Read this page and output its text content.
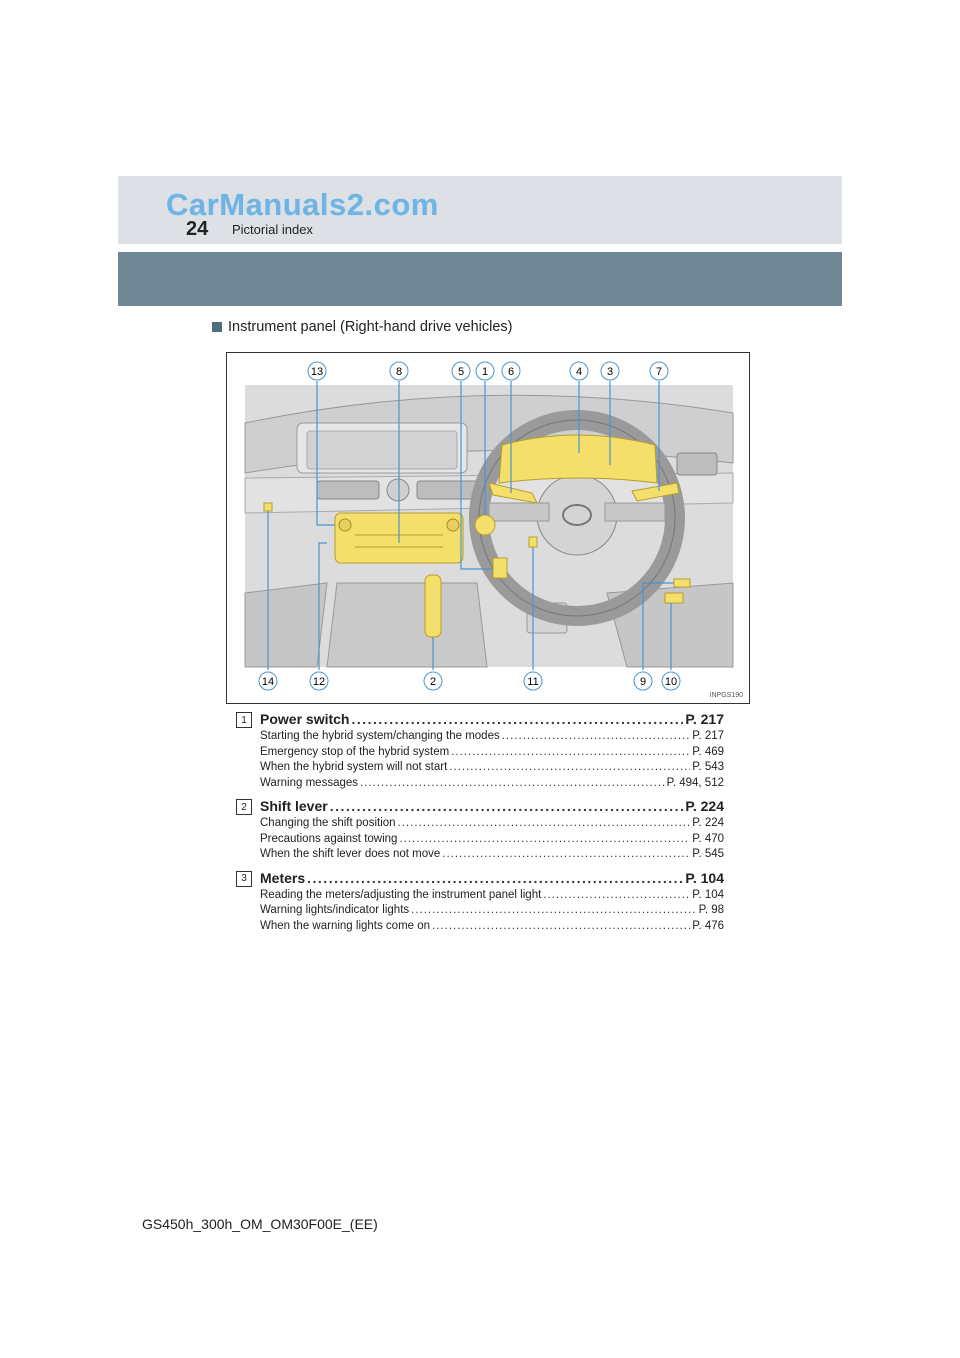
CarManuals2.com
24 Pictorial index
Instrument panel (Right-hand drive vehicles)
13	8	5 1 6	4 3	7
14	12	2	11	9 10
INPGS190
1 Power switch .....	P. 217
Starting the hybrid system/changing the modes .....	P. 217
Emergency stop of the hybrid system .....	P. 469
When the hybrid system will not start .....	P. 543
Warning messages .....	P. 494, 512
2 Shift lever .....	P. 224
Changing the shift position .....	P. 224
Precautions against towing .....	P. 470
When the shift lever does not move .....	P. 545
3 Meters .....	P. 104
Reading the meters/adjusting the instrument panel light .....	P. 104
Warning lights/indicator lights .....	P. 98
When the warning lights come on .....	P. 476
GS450h_300h_OM_OM30F00E_(EE)
